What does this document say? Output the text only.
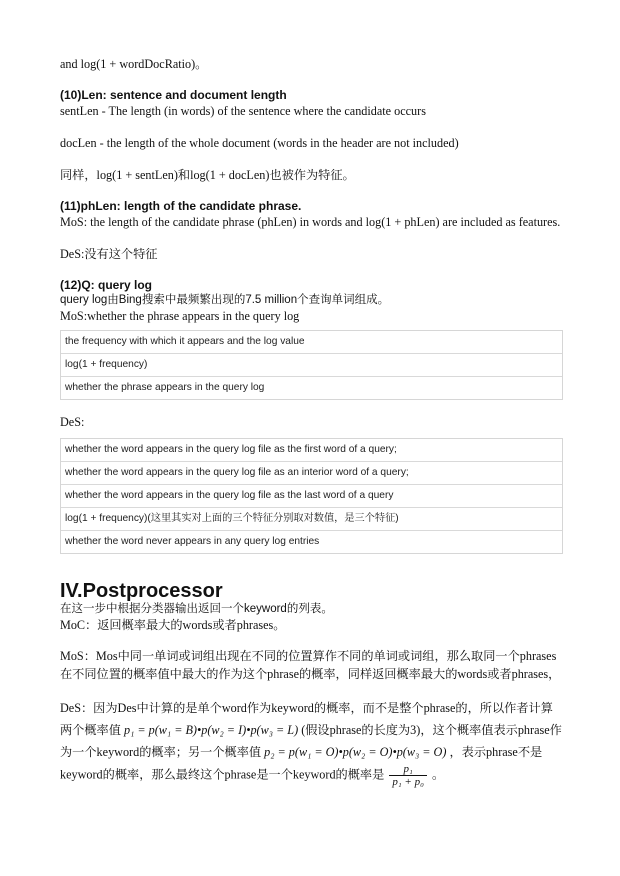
and log(1 + wordDocRatio)。

(10)Len: sentence and document length

sentLen - The length (in words) of the sentence where the candidate occurs

docLen - the length of the whole document (words in the header are not included)

同样，log(1 + sentLen)和log(1 + docLen)也被作为特征。

(11)phLen: length of the candidate phrase.

MoS: the length of the candidate phrase (phLen) in words and log(1 + phLen) are included as features.

DeS:没有这个特征

(12)Q: query log

query log由Bing搜索中最频繁出现的7.5 million个查询单词组成。

MoS:whether the phrase appears in the query log

the frequency with which it appears and the log value
log(1 + frequency)
whether the phrase appears in the query log

DeS:

whether the word appears in the query log file as the first word of a query;
whether the word appears in the query log file as an interior word of a query;
whether the word appears in the query log file as the last word of a query
log(1 + frequency)(这里其实对上面的三个特征分别取对数值，是三个特征)
whether the word never appears in any query log entries
IV.Postprocessor

在这一步中根据分类器输出返回一个keyword的列表。

MoC：返回概率最大的words或者phrases。

MoS：Mos中同一单词或词组出现在不同的位置算作不同的单词或词组，那么取同一个phrases在不同位置的概率值中最大的作为这个phrase的概率，同样返回概率最大的words或者phrases，

DeS：因为Des中计算的是单个word作为keyword的概率，而不是整个phrase的，所以作者计算两个概率值 p₁ = p(w₁ = B)•p(w₂ = I)•p(w₃ = L) (假设phrase的长度为3)，这个概率值表示phrase作为一个keyword的概率；另一个概率值 p₂ = p(w₁ = O)•p(w₂ = O)•p(w₃ = O) ，表示phrase不是keyword的概率，那么最终这个phrase是一个keyword的概率是 $\frac{\text{p₁}}{\text{p₁ + p₀}}$ 。
